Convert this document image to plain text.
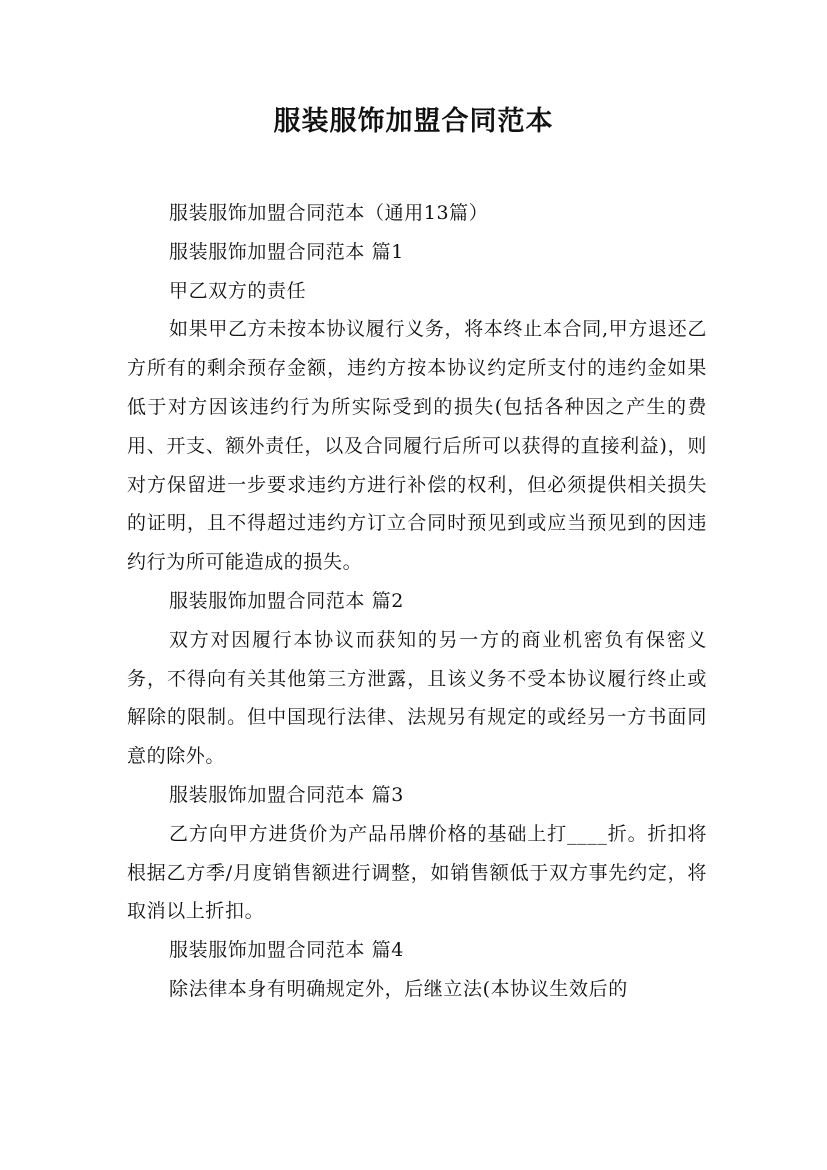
服装服饰加盟合同范本

服装服饰加盟合同范本（通用13篇）

服装服饰加盟合同范本 篇1

甲乙双方的责任

如果甲乙方未按本协议履行义务，将本终止本合同,甲方退还乙方所有的剩余预存金额，违约方按本协议约定所支付的违约金如果低于对方因该违约行为所实际受到的损失(包括各种因之产生的费用、开支、额外责任，以及合同履行后所可以获得的直接利益)，则对方保留进一步要求违约方进行补偿的权利，但必须提供相关损失的证明，且不得超过违约方订立合同时预见到或应当预见到的因违约行为所可能造成的损失。

服装服饰加盟合同范本 篇2

双方对因履行本协议而获知的另一方的商业机密负有保密义务，不得向有关其他第三方泄露，且该义务不受本协议履行终止或解除的限制。但中国现行法律、法规另有规定的或经另一方书面同意的除外。

服装服饰加盟合同范本 篇3

乙方向甲方进货价为产品吊牌价格的基础上打____折。折扣将根据乙方季/月度销售额进行调整，如销售额低于双方事先约定，将取消以上折扣。

服装服饰加盟合同范本 篇4

除法律本身有明确规定外，后继立法(本协议生效后的
